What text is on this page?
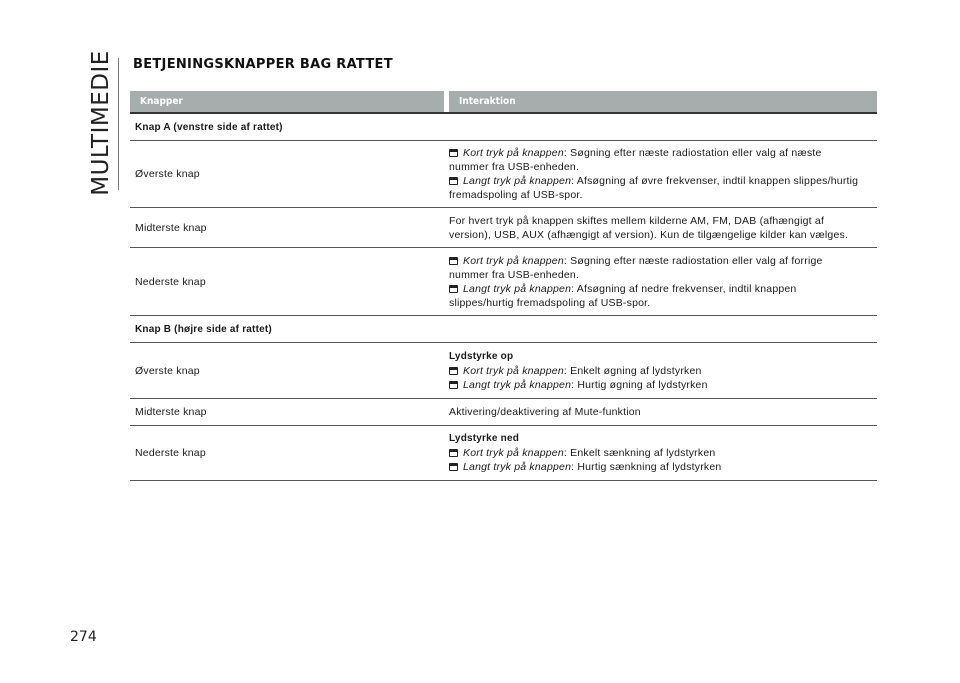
MULTIMEDIE BETJENINGSKNAPPER BAG RATTET
Knapper	Interaktion
Knap A (venstre side af rattet)
Øverste knap
Kort tryk på knappen: Søgning efter næste radiostation eller valg af næste
nummer fra USB-enheden.
Langt tryk på knappen: Afsøgning af øvre frekvenser, indtil knappen slippes/hurtig
fremadspoling af USB-spor.
Midterste knap
For hvert tryk på knappen skiftes mellem kilderne AM, FM, DAB (afhængigt af
version), USB, AUX (afhængigt af version). Kun de tilgængelige kilder kan vælges.
Nederste knap
Kort tryk på knappen: Søgning efter næste radiostation eller valg af forrige
nummer fra USB-enheden.
Langt tryk på knappen: Afsøgning af nedre frekvenser, indtil knappen
slippes/hurtig fremadspoling af USB-spor.
Knap B (højre side af rattet)
Øverste knap
Lydstyrke op
Kort tryk på knappen: Enkelt øgning af lydstyrken
Langt tryk på knappen: Hurtig øgning af lydstyrken
Midterste knap	Aktivering/deaktivering af Mute-funktion
Nederste knap
Lydstyrke ned
Kort tryk på knappen: Enkelt sænkning af lydstyrken
Langt tryk på knappen: Hurtig sænkning af lydstyrken
274
